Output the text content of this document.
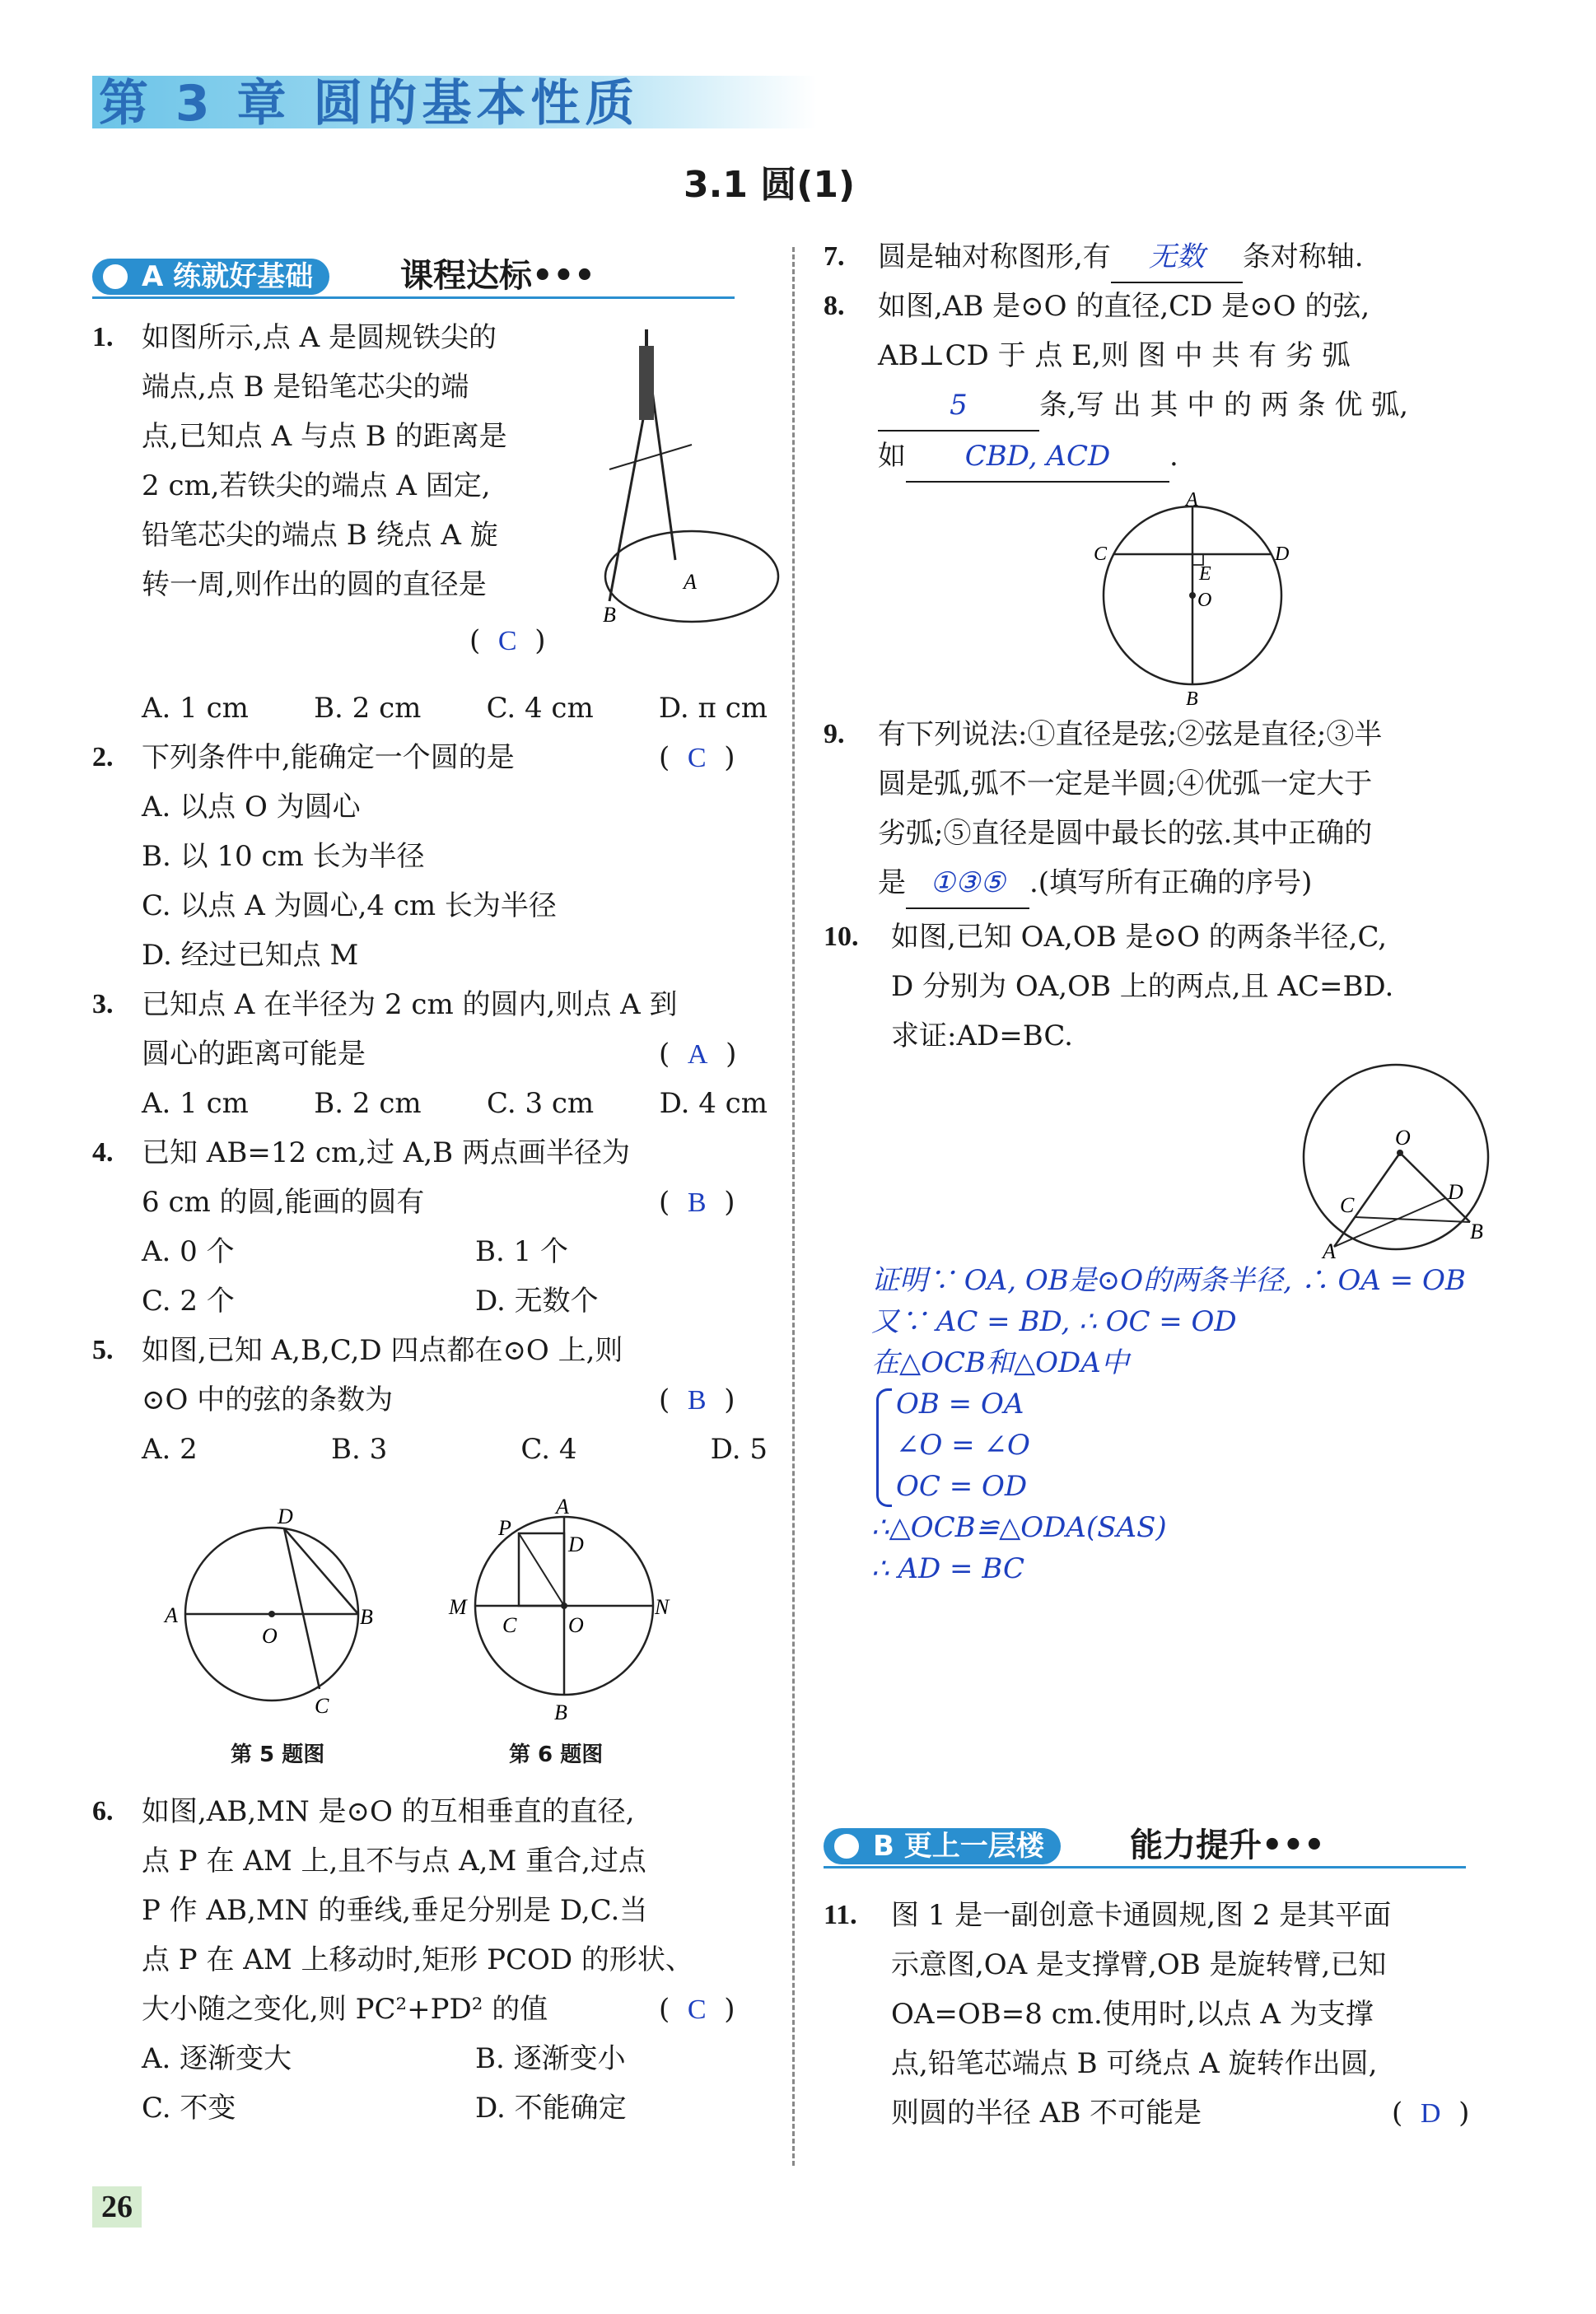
第 3 章 圆的基本性质
3.1 圆(1)
A 练就好基础	课程达标•••
1. 如图所示,点 A 是圆规铁尖的
端点,点 B 是铅笔芯尖的端
点,已知点 A 与点 B 的距离是
2 cm,若铁尖的端点 A 固定,
铅笔芯尖的端点 B 绕点 A 旋
转一周,则作出的圆的直径是
(  C  )
A
B
A. 1 cm B. 2 cm C. 4 cm D. π cm
2. 下列条件中,能确定一个圆的是	(  C  )
A. 以点 O 为圆心
B. 以 10 cm 长为半径
C. 以点 A 为圆心,4 cm 长为半径
D. 经过已知点 M
3. 已知点 A 在半径为 2 cm 的圆内,则点 A 到
圆心的距离可能是	(  A  )
A. 1 cm B. 2 cm C. 3 cm D. 4 cm
4. 已知 AB=12 cm,过 A,B 两点画半径为
6 cm 的圆,能画的圆有	(  B  )
A. 0 个	B. 1 个
C. 2 个	D. 无数个
5. 如图,已知 A,B,C,D 四点都在⊙O 上,则
⊙O 中的弦的条数为	(  B  )
A. 2	B. 3	C. 4	D. 5
A	B
C
D
O
第 5 题图
A
B
C
D
M	N
O
P
第 6 题图
6. 如图,AB,MN 是⊙O 的互相垂直的直径,
点 P 在 AM 上,且不与点 A,M 重合,过点
P 作 AB,MN 的垂线,垂足分别是 D,C.当
点 P 在 AM 上移动时,矩形 PCOD 的形状、
大小随之变化,则 PC²+PD² 的值	(  C  )
A. 逐渐变大	B. 逐渐变小
C. 不变	D. 不能确定
26
7. 圆是轴对称图形,有 无数 条对称轴.
8. 如图,AB 是⊙O 的直径,CD 是⊙O 的弦,
AB⊥CD 于 点 E,则 图 中 共 有 劣 弧
5	条,写 出 其 中 的 两 条 优 弧,
如 CBD, ACD .
A
B
C	D
E
O
9. 有下列说法:①直径是弦;②弦是直径;③半
圆是弧,弧不一定是半圆;④优弧一定大于
劣弧;⑤直径是圆中最长的弦.其中正确的
是 ①③⑤ .(填写所有正确的序号)
10. 如图,已知 OA,OB 是⊙O 的两条半径,C,
D 分别为 OA,OB 上的两点,且 AC=BD.
求证:AD=BC.
O
A
B
C
D
证明∵ OA, OB是⊙O的两条半径, ∴ OA = OB
又∵ AC = BD, ∴ OC = OD
在△OCB和△ODA中
OB = OA
∠O = ∠O
OC = OD
∴△OCB≌△ODA(SAS)
∴ AD = BC
B 更上一层楼	能力提升•••
11. 图 1 是一副创意卡通圆规,图 2 是其平面
示意图,OA 是支撑臂,OB 是旋转臂,已知
OA=OB=8 cm.使用时,以点 A 为支撑
点,铅笔芯端点 B 可绕点 A 旋转作出圆,
则圆的半径 AB 不可能是	(  D  )
